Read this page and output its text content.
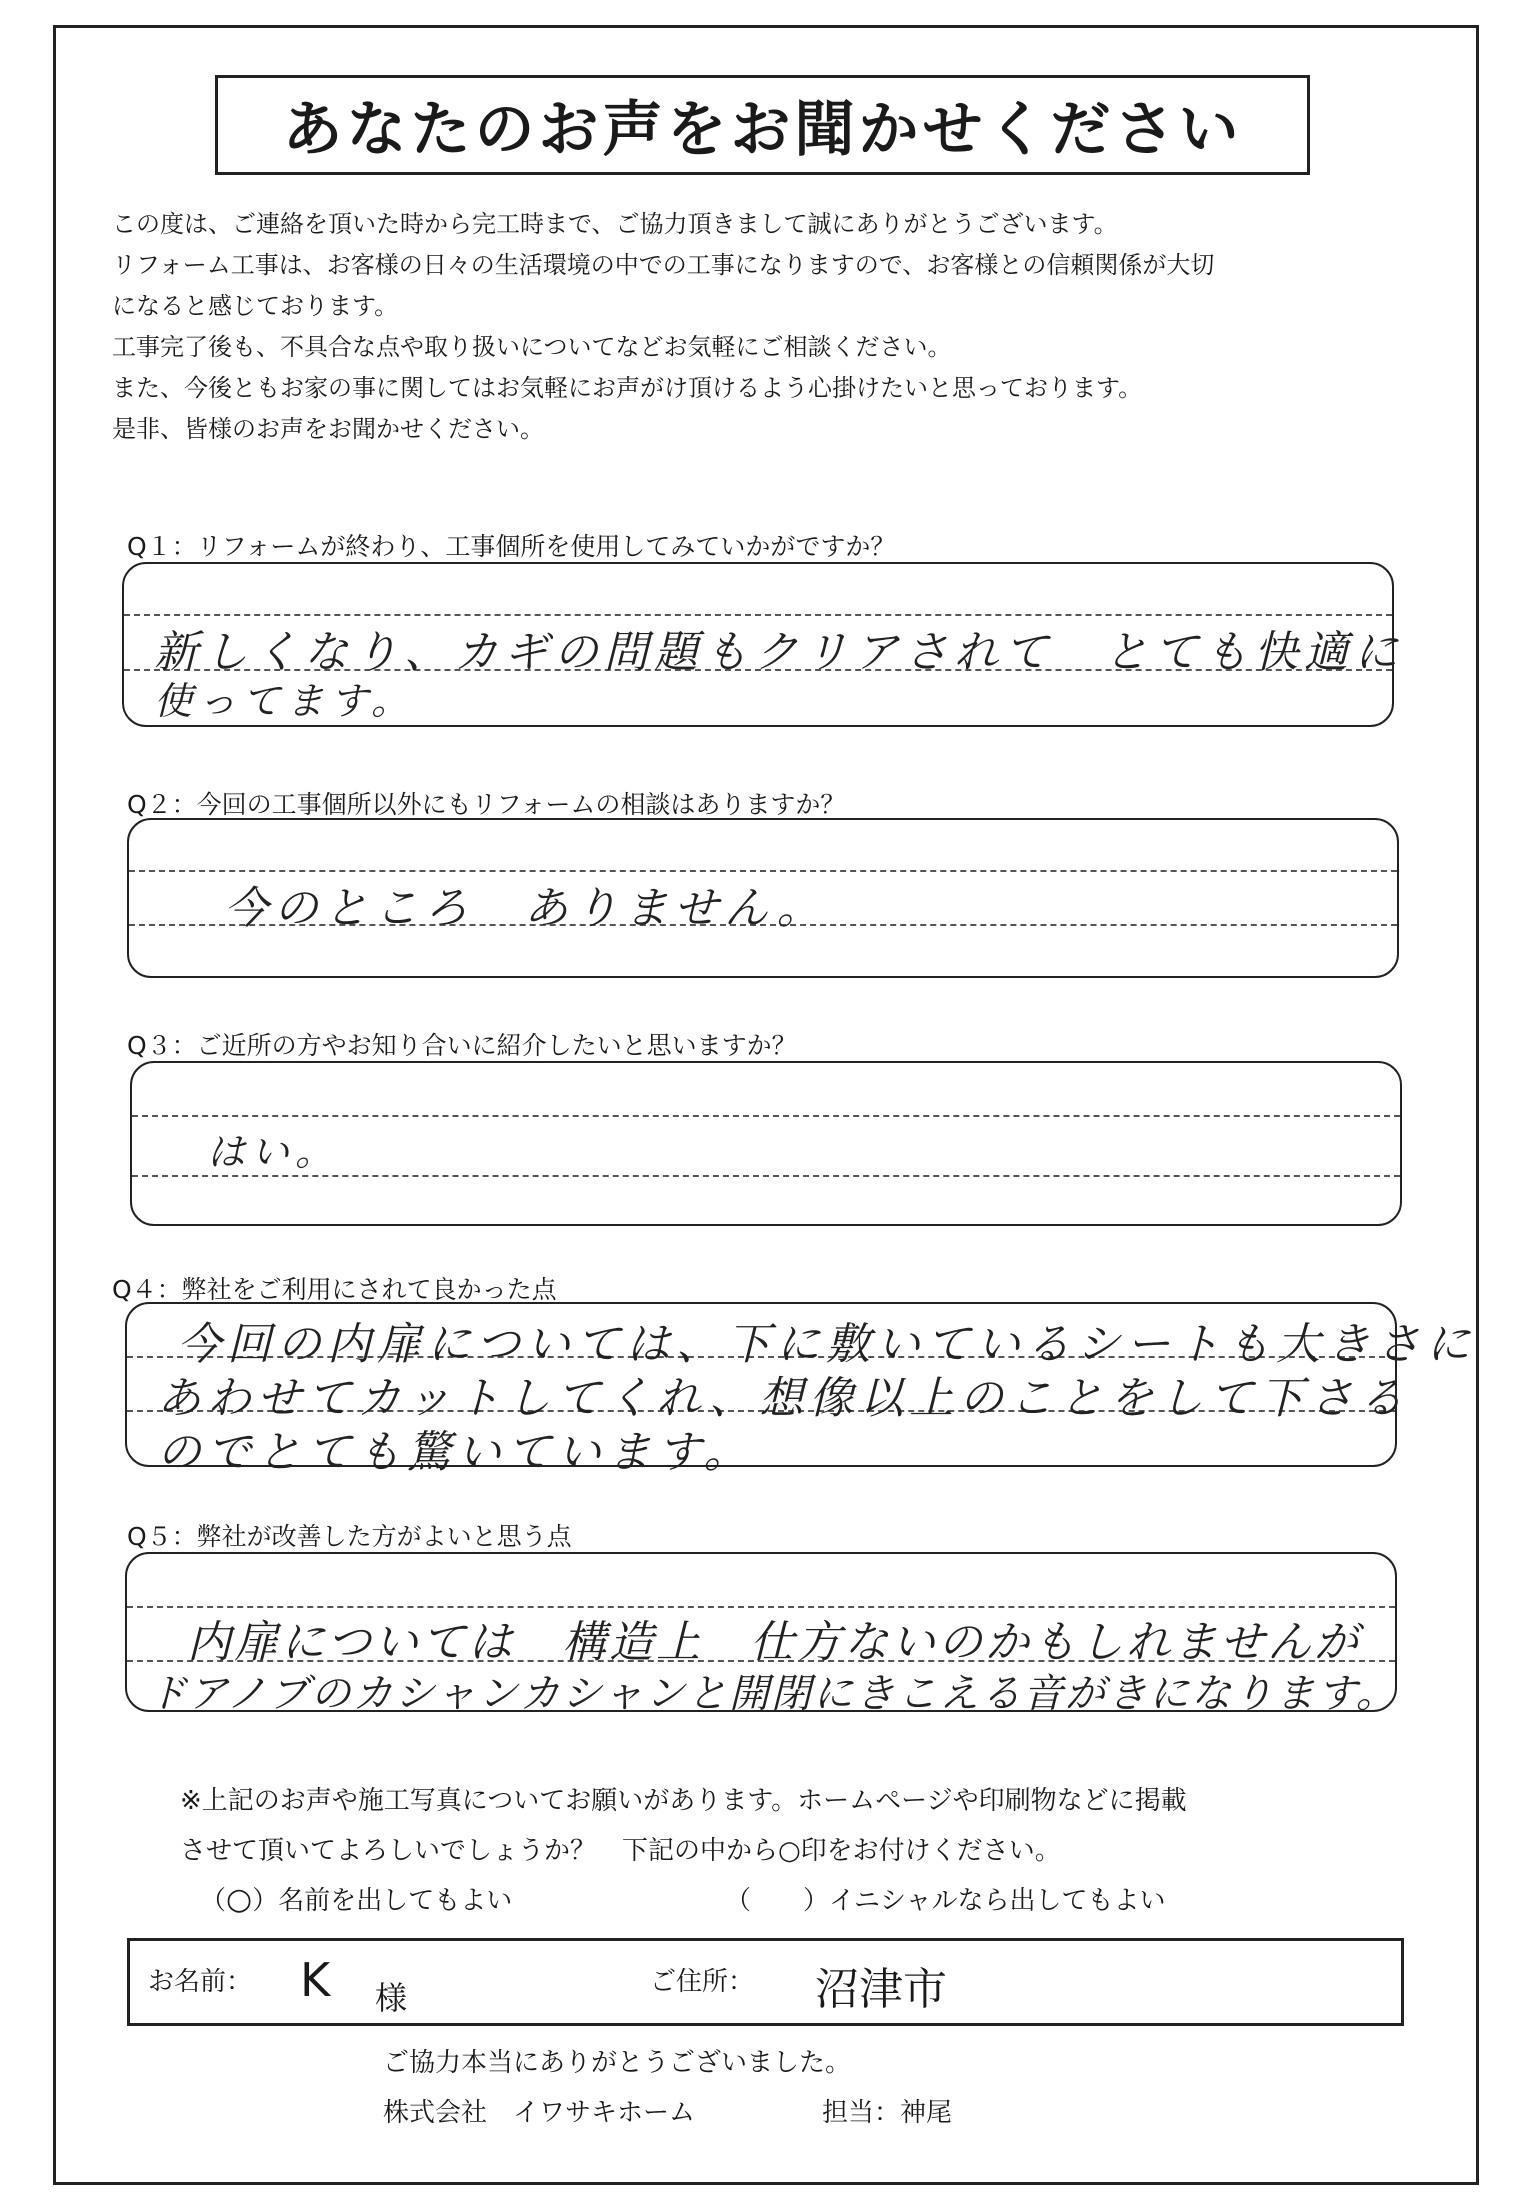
あなたのお声をお聞かせください

この度は、ご連絡を頂いた時から完工時まで、ご協力頂きまして誠にありがとうございます。

リフォーム工事は、お客様の日々の生活環境の中での工事になりますので、お客様との信頼関係が大切

になると感じております。

工事完了後も、不具合な点や取り扱いについてなどお気軽にご相談ください。

また、今後ともお家の事に関してはお気軽にお声がけ頂けるよう心掛けたいと思っております。

是非、皆様のお声をお聞かせください。

Q１：リフォームが終わり、工事個所を使用してみていかがですか？
新しくなり、カギの問題もクリアされて　とても快適に
使ってます。
Q２：今回の工事個所以外にもリフォームの相談はありますか？
今のところ　ありません。
Q３：ご近所の方やお知り合いに紹介したいと思いますか？
はい。
Q４：弊社をご利用にされて良かった点
今回の内扉については、下に敷いているシートも大きさに
あわせてカットしてくれ、想像以上のことをして下さる
のでとても驚いています。
Q５：弊社が改善した方がよいと思う点
内扉については　構造上　仕方ないのかもしれませんが
ドアノブのカシャンカシャンと開閉にきこえる音がきになります。
※上記のお声や施工写真についてお願いがあります。ホームページや印刷物などに掲載
させて頂いてよろしいでしょうか？　下記の中から○印をお付けください。
（○）名前を出してもよい	（　　）イニシャルなら出してもよい
お名前： K 様	ご住所： 沼津市
ご協力本当にありがとうございました。
株式会社　イワサキホーム	担当：神尾
